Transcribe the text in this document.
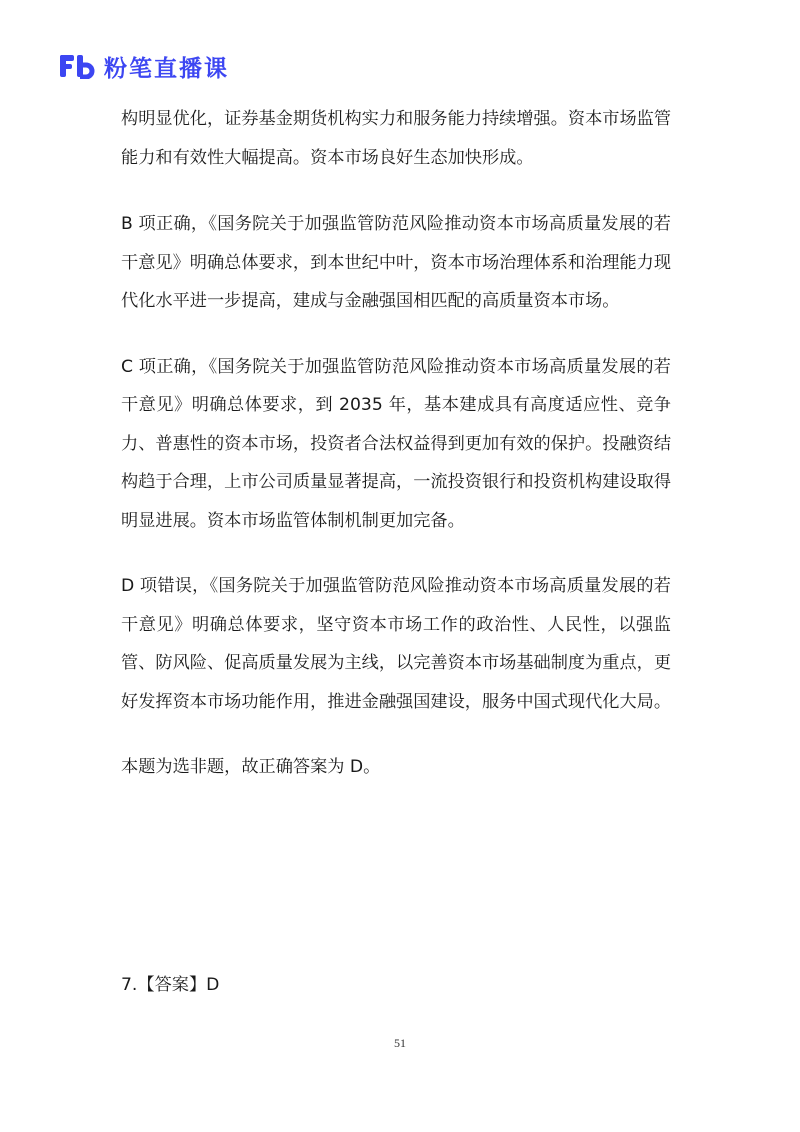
粉笔直播课

构明显优化，证券基金期货机构实力和服务能力持续增强。资本市场监管能力和有效性大幅提高。资本市场良好生态加快形成。

B 项正确，《国务院关于加强监管防范风险推动资本市场高质量发展的若干意见》明确总体要求，到本世纪中叶，资本市场治理体系和治理能力现代化水平进一步提高，建成与金融强国相匹配的高质量资本市场。

C 项正确，《国务院关于加强监管防范风险推动资本市场高质量发展的若干意见》明确总体要求，到 2035 年，基本建成具有高度适应性、竞争力、普惠性的资本市场，投资者合法权益得到更加有效的保护。投融资结构趋于合理，上市公司质量显著提高，一流投资银行和投资机构建设取得明显进展。资本市场监管体制机制更加完备。

D 项错误，《国务院关于加强监管防范风险推动资本市场高质量发展的若干意见》明确总体要求，坚守资本市场工作的政治性、人民性，以强监管、防风险、促高质量发展为主线，以完善资本市场基础制度为重点，更好发挥资本市场功能作用，推进金融强国建设，服务中国式现代化大局。

本题为选非题，故正确答案为 D。

7.【答案】D
51
